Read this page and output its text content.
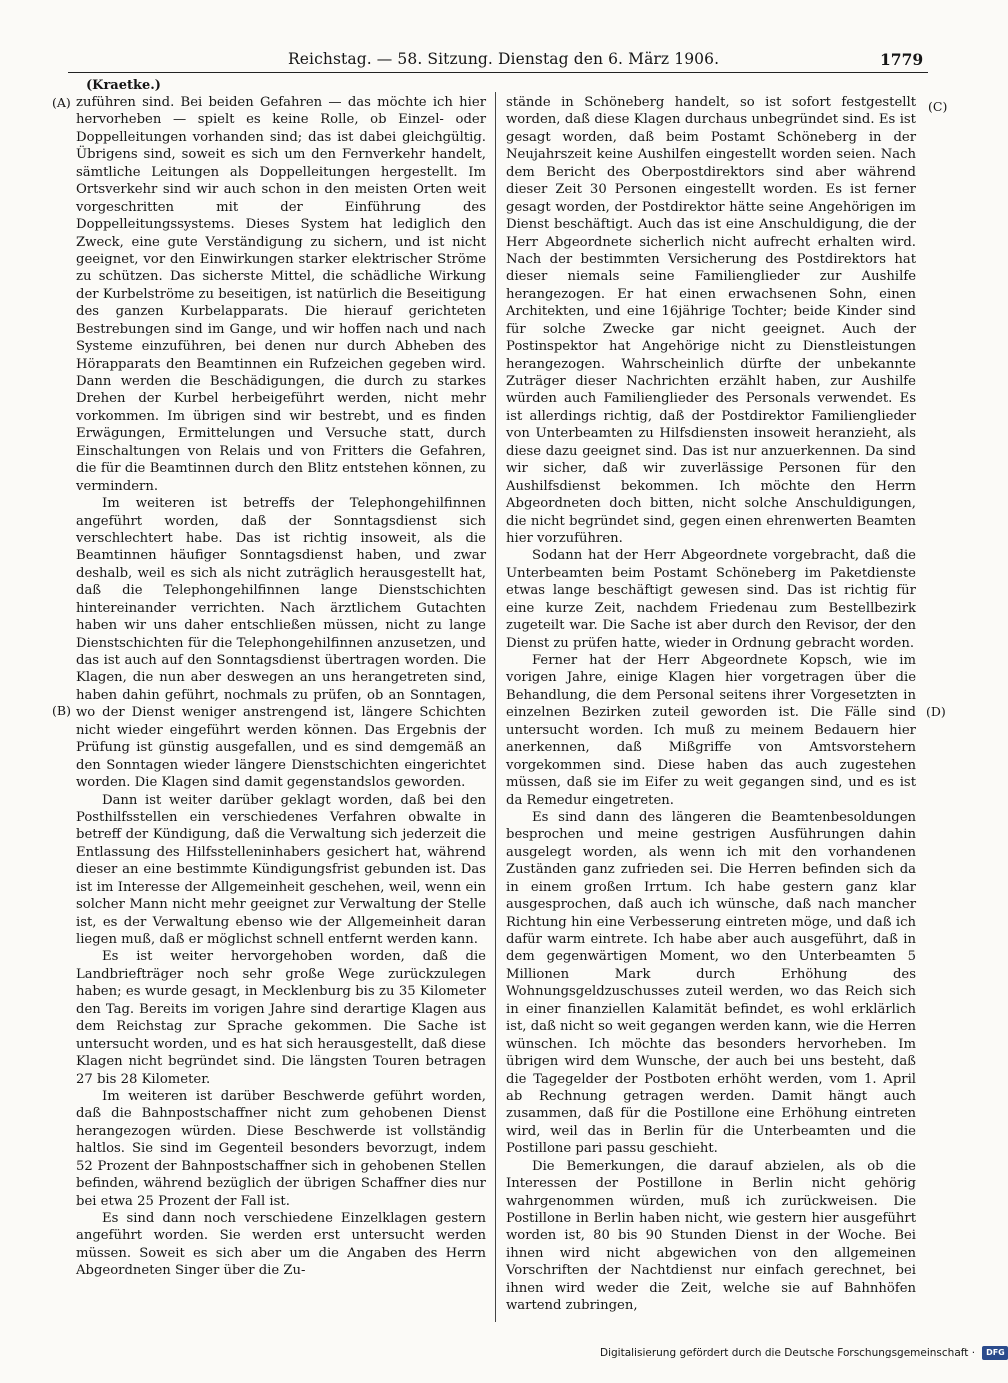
Reichstag. — 58. Sitzung. Dienstag den 6. März 1906.	1779
(Kraetke.)
(A)
(B)
(C)
(D)

zuführen sind. Bei beiden Gefahren — das möchte ich hier hervorheben — spielt es keine Rolle, ob Einzel- oder Doppelleitungen vorhanden sind; das ist dabei gleichgültig. Übrigens sind, soweit es sich um den Fernverkehr handelt, sämtliche Leitungen als Doppelleitungen hergestellt. Im Ortsverkehr sind wir auch schon in den meisten Orten weit vorgeschritten mit der Einführung des Doppelleitungssystems. Dieses System hat lediglich den Zweck, eine gute Verständigung zu sichern, und ist nicht geeignet, vor den Einwirkungen starker elektrischer Ströme zu schützen. Das sicherste Mittel, die schädliche Wirkung der Kurbelströme zu beseitigen, ist natürlich die Beseitigung des ganzen Kurbelapparats. Die hierauf gerichteten Bestrebungen sind im Gange, und wir hoffen nach und nach Systeme einzuführen, bei denen nur durch Abheben des Hörapparats den Beamtinnen ein Rufzeichen gegeben wird. Dann werden die Beschädigungen, die durch zu starkes Drehen der Kurbel herbeigeführt werden, nicht mehr vorkommen. Im übrigen sind wir bestrebt, und es finden Erwägungen, Ermittelungen und Versuche statt, durch Einschaltungen von Relais und von Fritters die Gefahren, die für die Beamtinnen durch den Blitz entstehen können, zu vermindern.

Im weiteren ist betreffs der Telephongehilfinnen angeführt worden, daß der Sonntagsdienst sich verschlechtert habe. Das ist richtig insoweit, als die Beamtinnen häufiger Sonntagsdienst haben, und zwar deshalb, weil es sich als nicht zuträglich herausgestellt hat, daß die Telephongehilfinnen lange Dienstschichten hintereinander verrichten. Nach ärztlichem Gutachten haben wir uns daher entschließen müssen, nicht zu lange Dienstschichten für die Telephongehilfinnen anzusetzen, und das ist auch auf den Sonntagsdienst übertragen worden. Die Klagen, die nun aber deswegen an uns herangetreten sind, haben dahin geführt, nochmals zu prüfen, ob an Sonntagen, wo der Dienst weniger anstrengend ist, längere Schichten nicht wieder eingeführt werden können. Das Ergebnis der Prüfung ist günstig ausgefallen, und es sind demgemäß an den Sonntagen wieder längere Dienstschichten eingerichtet worden. Die Klagen sind damit gegenstandslos geworden.

Dann ist weiter darüber geklagt worden, daß bei den Posthilfsstellen ein verschiedenes Verfahren obwalte in betreff der Kündigung, daß die Verwaltung sich jederzeit die Entlassung des Hilfsstelleninhabers gesichert hat, während dieser an eine bestimmte Kündigungsfrist gebunden ist. Das ist im Interesse der Allgemeinheit geschehen, weil, wenn ein solcher Mann nicht mehr geeignet zur Verwaltung der Stelle ist, es der Verwaltung ebenso wie der Allgemeinheit daran liegen muß, daß er möglichst schnell entfernt werden kann.

Es ist weiter hervorgehoben worden, daß die Landbriefträger noch sehr große Wege zurückzulegen haben; es wurde gesagt, in Mecklenburg bis zu 35 Kilometer den Tag. Bereits im vorigen Jahre sind derartige Klagen aus dem Reichstag zur Sprache gekommen. Die Sache ist untersucht worden, und es hat sich herausgestellt, daß diese Klagen nicht begründet sind. Die längsten Touren betragen 27 bis 28 Kilometer.

Im weiteren ist darüber Beschwerde geführt worden, daß die Bahnpostschaffner nicht zum gehobenen Dienst herangezogen würden. Diese Beschwerde ist vollständig haltlos. Sie sind im Gegenteil besonders bevorzugt, indem 52 Prozent der Bahnpostschaffner sich in gehobenen Stellen befinden, während bezüglich der übrigen Schaffner dies nur bei etwa 25 Prozent der Fall ist.

Es sind dann noch verschiedene Einzelklagen gestern angeführt worden. Sie werden erst untersucht werden müssen. Soweit es sich aber um die Angaben des Herrn Abgeordneten Singer über die Zu-

stände in Schöneberg handelt, so ist sofort festgestellt worden, daß diese Klagen durchaus unbegründet sind. Es ist gesagt worden, daß beim Postamt Schöneberg in der Neujahrszeit keine Aushilfen eingestellt worden seien. Nach dem Bericht des Oberpostdirektors sind aber während dieser Zeit 30 Personen eingestellt worden. Es ist ferner gesagt worden, der Postdirektor hätte seine Angehörigen im Dienst beschäftigt. Auch das ist eine Anschuldigung, die der Herr Abgeordnete sicherlich nicht aufrecht erhalten wird. Nach der bestimmten Versicherung des Postdirektors hat dieser niemals seine Familienglieder zur Aushilfe herangezogen. Er hat einen erwachsenen Sohn, einen Architekten, und eine 16jährige Tochter; beide Kinder sind für solche Zwecke gar nicht geeignet. Auch der Postinspektor hat Angehörige nicht zu Dienstleistungen herangezogen. Wahrscheinlich dürfte der unbekannte Zuträger dieser Nachrichten erzählt haben, zur Aushilfe würden auch Familienglieder des Personals verwendet. Es ist allerdings richtig, daß der Postdirektor Familienglieder von Unterbeamten zu Hilfsdiensten insoweit heranzieht, als diese dazu geeignet sind. Das ist nur anzuerkennen. Da sind wir sicher, daß wir zuverlässige Personen für den Aushilfsdienst bekommen. Ich möchte den Herrn Abgeordneten doch bitten, nicht solche Anschuldigungen, die nicht begründet sind, gegen einen ehrenwerten Beamten hier vorzuführen.

Sodann hat der Herr Abgeordnete vorgebracht, daß die Unterbeamten beim Postamt Schöneberg im Paketdienste etwas lange beschäftigt gewesen sind. Das ist richtig für eine kurze Zeit, nachdem Friedenau zum Bestellbezirk zugeteilt war. Die Sache ist aber durch den Revisor, der den Dienst zu prüfen hatte, wieder in Ordnung gebracht worden.

Ferner hat der Herr Abgeordnete Kopsch, wie im vorigen Jahre, einige Klagen hier vorgetragen über die Behandlung, die dem Personal seitens ihrer Vorgesetzten in einzelnen Bezirken zuteil geworden ist. Die Fälle sind untersucht worden. Ich muß zu meinem Bedauern hier anerkennen, daß Mißgriffe von Amtsvorstehern vorgekommen sind. Diese haben das auch zugestehen müssen, daß sie im Eifer zu weit gegangen sind, und es ist da Remedur eingetreten.

Es sind dann des längeren die Beamtenbesoldungen besprochen und meine gestrigen Ausführungen dahin ausgelegt worden, als wenn ich mit den vorhandenen Zuständen ganz zufrieden sei. Die Herren befinden sich da in einem großen Irrtum. Ich habe gestern ganz klar ausgesprochen, daß auch ich wünsche, daß nach mancher Richtung hin eine Verbesserung eintreten möge, und daß ich dafür warm eintrete. Ich habe aber auch ausgeführt, daß in dem gegenwärtigen Moment, wo den Unterbeamten 5 Millionen Mark durch Erhöhung des Wohnungsgeldzuschusses zuteil werden, wo das Reich sich in einer finanziellen Kalamität befindet, es wohl erklärlich ist, daß nicht so weit gegangen werden kann, wie die Herren wünschen. Ich möchte das besonders hervorheben. Im übrigen wird dem Wunsche, der auch bei uns besteht, daß die Tagegelder der Postboten erhöht werden, vom 1. April ab Rechnung getragen werden. Damit hängt auch zusammen, daß für die Postillone eine Erhöhung eintreten wird, weil das in Berlin für die Unterbeamten und die Postillone pari passu geschieht.

Die Bemerkungen, die darauf abzielen, als ob die Interessen der Postillone in Berlin nicht gehörig wahrgenommen würden, muß ich zurückweisen. Die Postillone in Berlin haben nicht, wie gestern hier ausgeführt worden ist, 80 bis 90 Stunden Dienst in der Woche. Bei ihnen wird nicht abgewichen von den allgemeinen Vorschriften der Nachtdienst nur einfach gerechnet, bei ihnen wird weder die Zeit, welche sie auf Bahnhöfen wartend zubringen,

Digitalisierung gefördert durch die Deutsche Forschungsgemeinschaft · DFG
